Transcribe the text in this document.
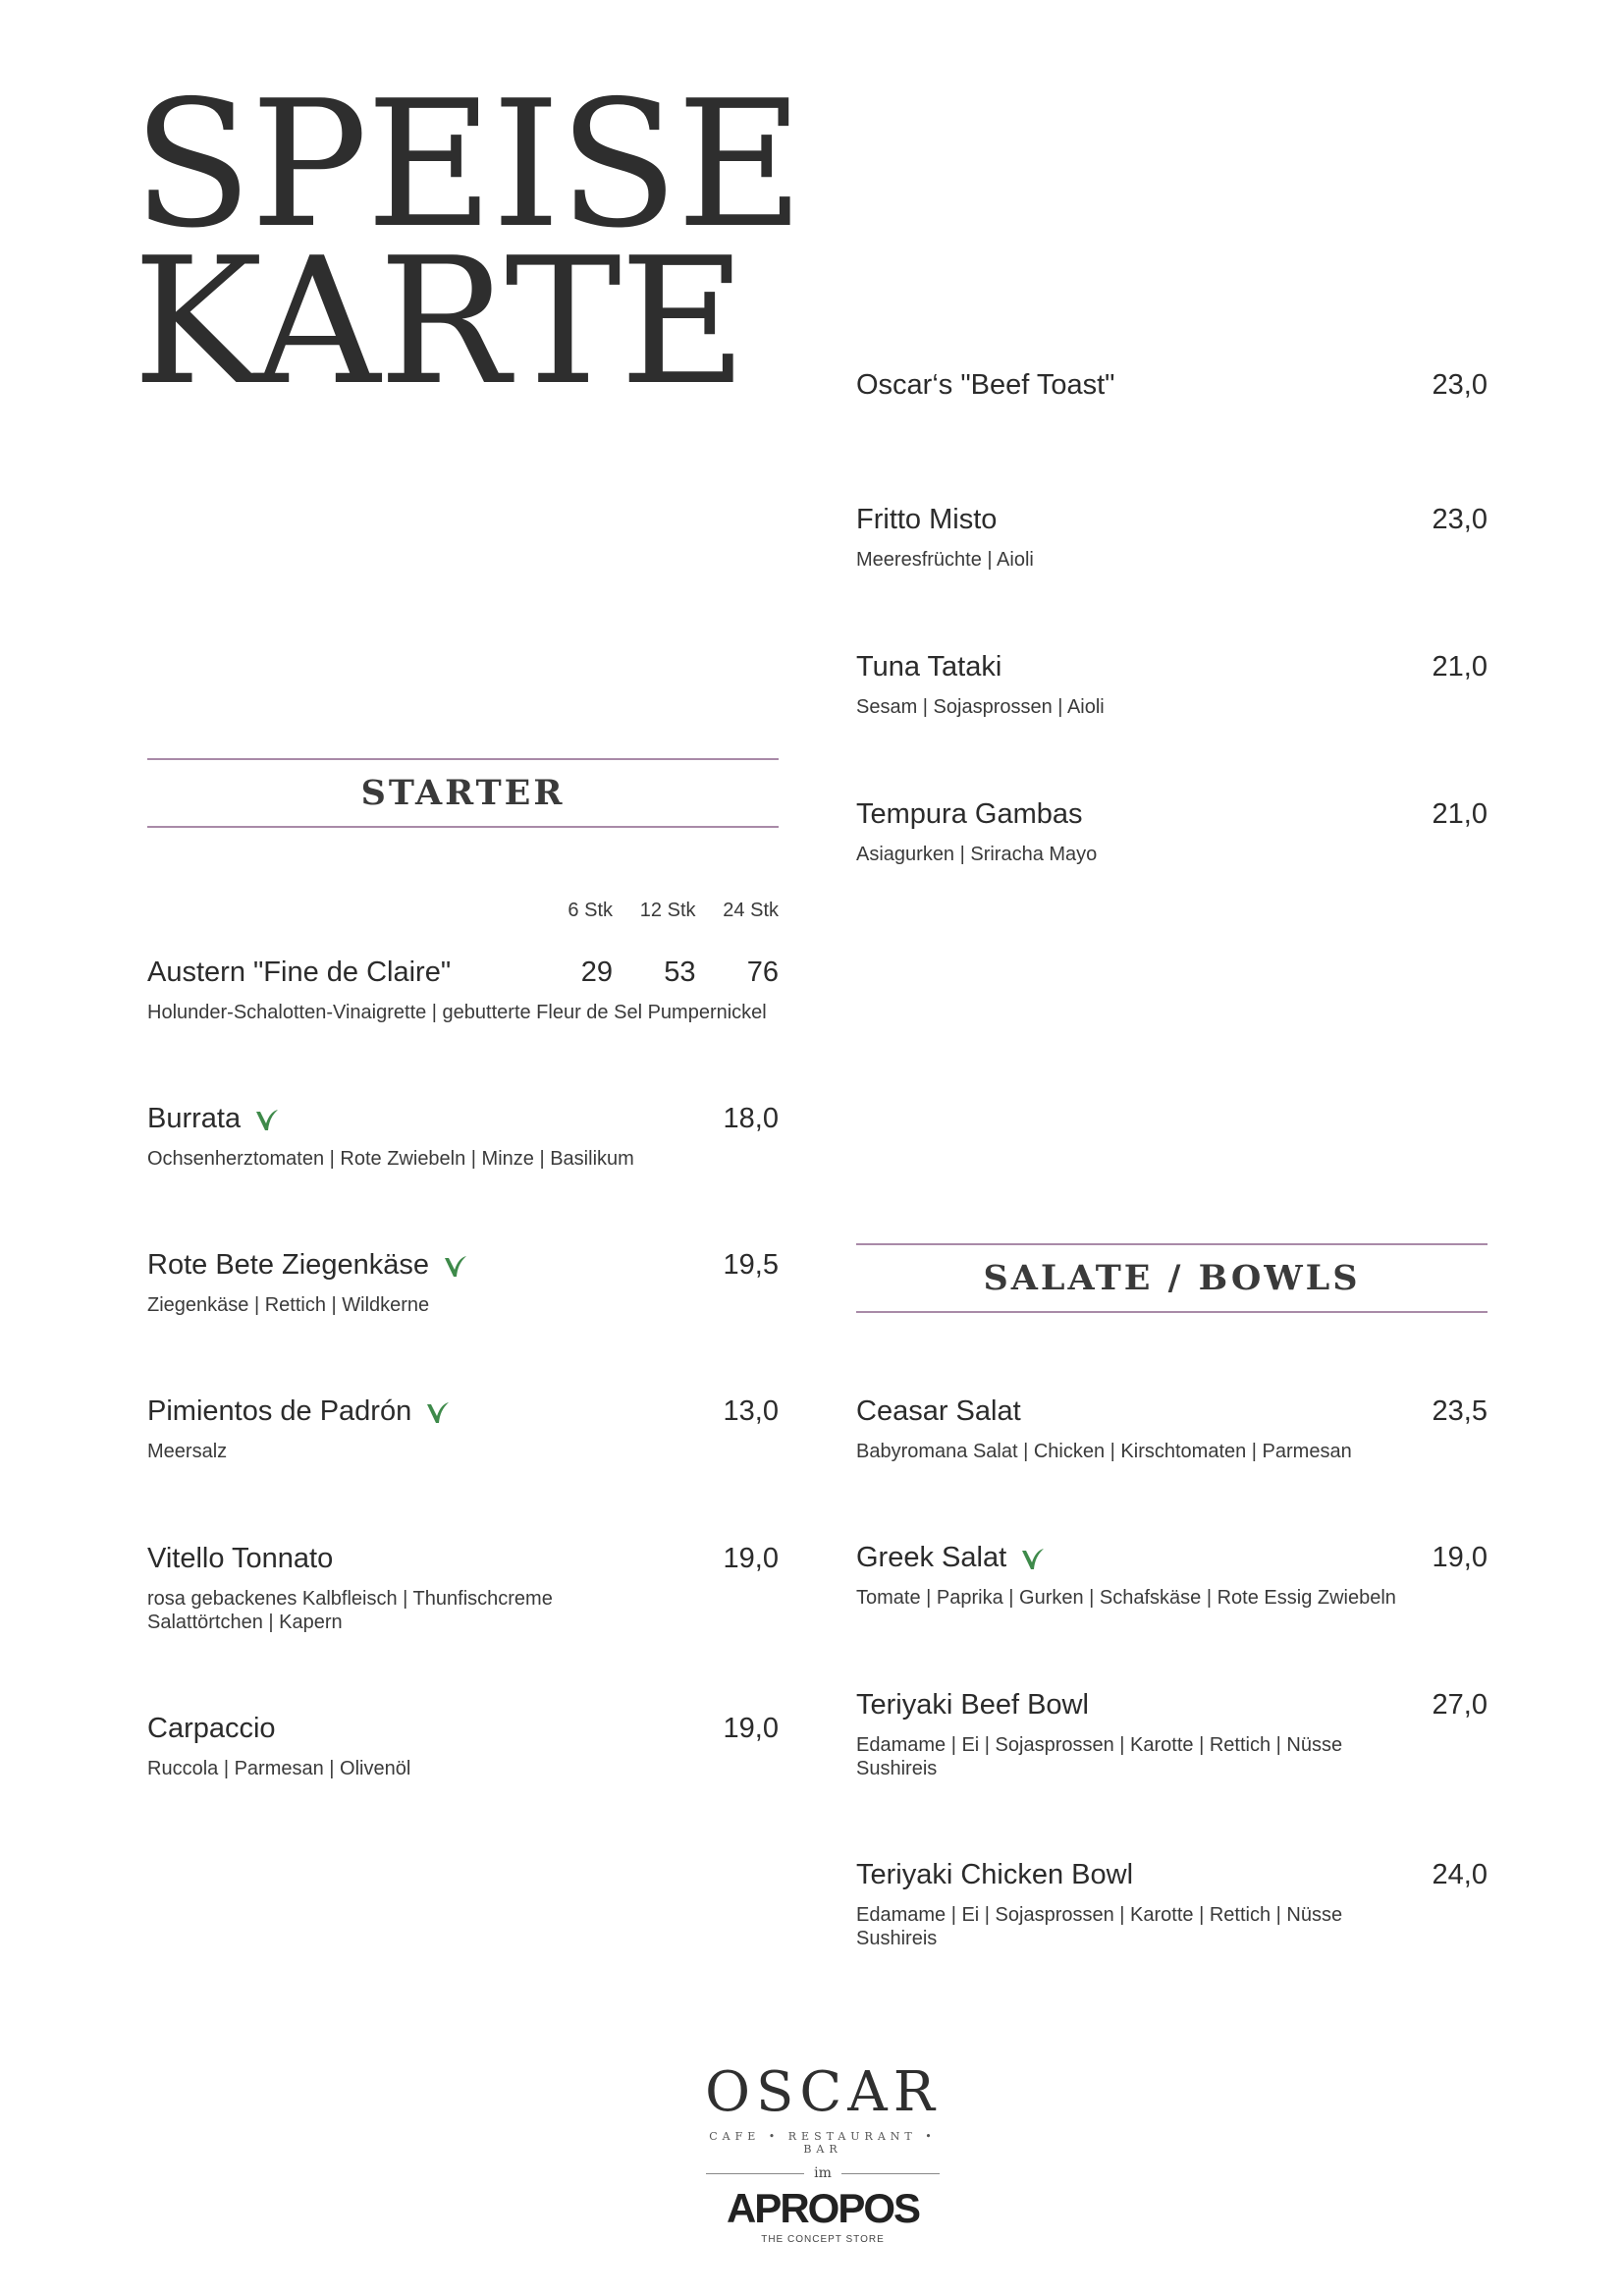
SPEISE
KARTE	Oscar‘s "Beef Toast"	23,0
Fritto Misto	23,0
Meeresfrüchte | Aioli
Tuna Tataki	21,0
Sesam | Sojasprossen | Aioli
Tempura Gambas	21,0
Asiagurken | Sriracha Mayo
STARTER
6 Stk	12 Stk	24 Stk
Austern "Fine de Claire"	29	53	76
Holunder-Schalotten-Vinaigrette | gebutterte Fleur de Sel Pumpernickel
Burrata	18,0
Ochsenherztomaten | Rote Zwiebeln | Minze | Basilikum
Rote Bete Ziegenkäse	19,5
Ziegenkäse | Rettich | Wildkerne
Pimientos de Padrón	13,0
Meersalz
Vitello Tonnato	19,0
rosa gebackenes Kalbfleisch | Thunfischcreme
Salattörtchen | Kapern
Carpaccio	19,0
Ruccola | Parmesan | Olivenöl
SALATE / BOWLS
Ceasar Salat	23,5
Babyromana Salat | Chicken | Kirschtomaten | Parmesan
Greek Salat	19,0
Tomate | Paprika | Gurken | Schafskäse | Rote Essig Zwiebeln
Teriyaki Beef Bowl	27,0
Edamame | Ei | Sojasprossen | Karotte | Rettich | Nüsse
Sushireis
Teriyaki Chicken Bowl	24,0
Edamame | Ei | Sojasprossen | Karotte | Rettich | Nüsse
Sushireis
OSCAR
CAFE • RESTAURANT • BAR
im
APROPOS
THE CONCEPT STORE
